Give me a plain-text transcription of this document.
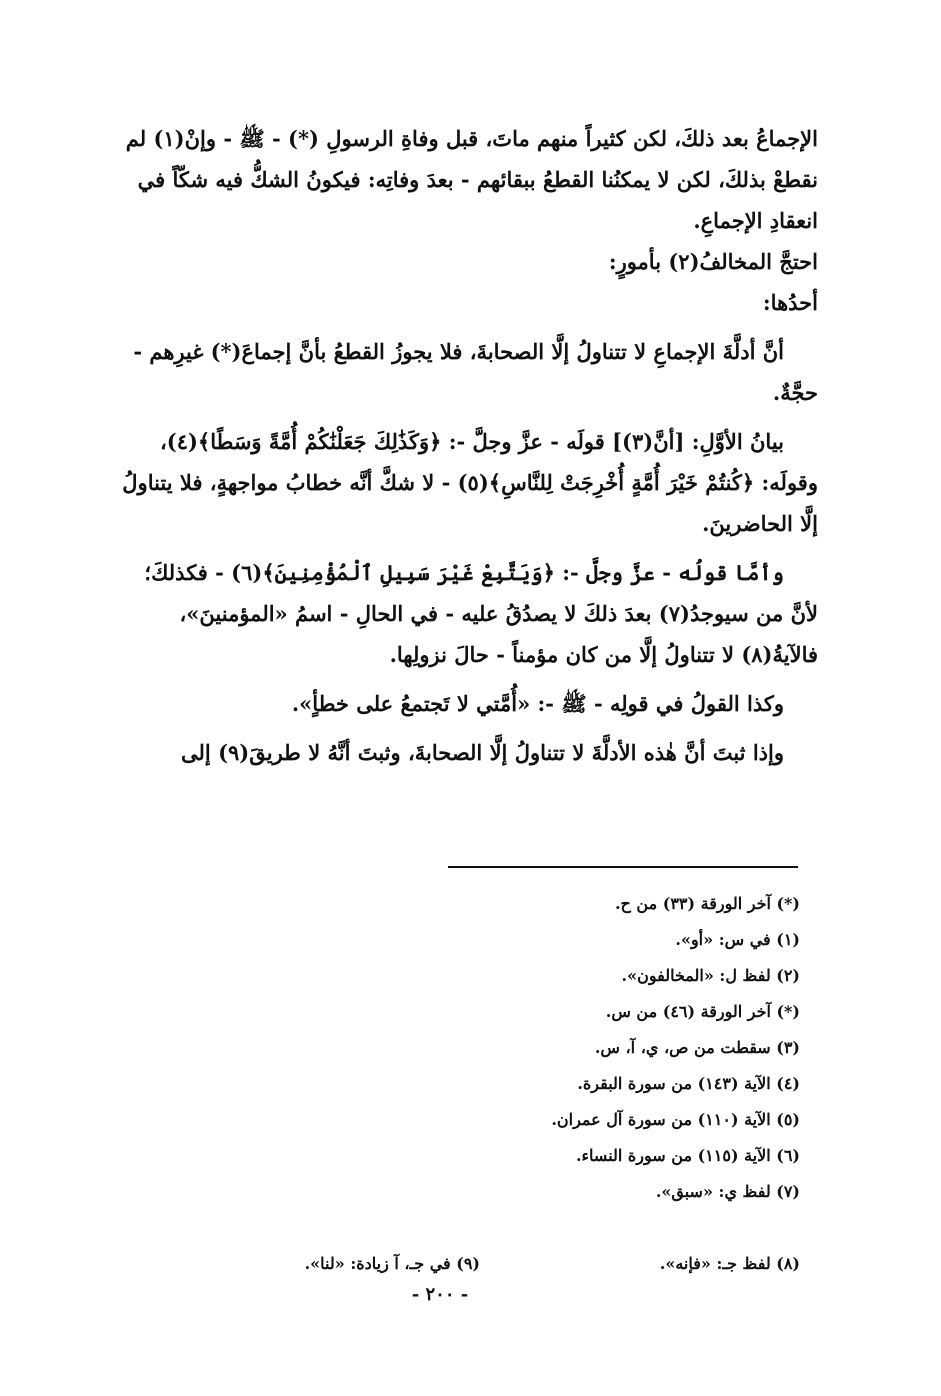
الإجماعُ بعد ذلكَ، لكن كثيراً منهم ماتَ، قبل وفاةِ الرسولِ (*) - ﷺ - وإنْ(١) لم نقطعْ بذلكَ، لكن لا يمكنُنا القطعُ ببقائهم - بعدَ وفاتِه: فيكونُ الشكُّ فيه شكّاً في انعقادِ الإجماعِ.

احتجَّ المخالفُ(٢) بأمورٍ:

أحدُها:

أنَّ أدلَّةَ الإجماعِ لا تتناولُ إلَّا الصحابةَ، فلا يجوزُ القطعُ بأنَّ إجماعَ(*) غيرِهم - حجَّةٌ.

بيانُ الأوَّلِ: [أنَّ(٣)] قولَه - عزَّ وجلَّ -: ﴿وَكَذَٰلِكَ جَعَلْنَٰكُمْ أُمَّةً وَسَطًا﴾(٤)، وقولَه: ﴿كُنتُمْ خَيْرَ أُمَّةٍ أُخْرِجَتْ لِلنَّاسِ﴾(٥) - لا شكَّ أنَّه خطابُ مواجهةٍ، فلا يتناولُ إلَّا الحاضرينَ.

وأمَّا قولُه - عزَّ وجلَّ -: ﴿وَيَتَّبِعْ غَيْرَ سَبِيلِ ٱلْمُؤْمِنِينَ﴾(٦) - فكذلكَ؛ لأنَّ من سيوجدُ(٧) بعدَ ذلكَ لا يصدُقُ عليه - في الحالِ - اسمُ «المؤمنينَ»، فالآيةُ(٨) لا تتناولُ إلَّا من كان مؤمناً - حالَ نزولِها.

وكذا القولُ في قولِه - ﷺ -: «أُمَّتي لا تَجتمعُ على خطأٍ».

وإذا ثبتَ أنَّ هٰذه الأدلَّةَ لا تتناولُ إلَّا الصحابةَ، وثبتَ أنَّهُ لا طريقَ(٩) إلى

(*) آخر الورقة (٣٣) من ح.
(١) في س: «أو».
(٢) لفظ ل: «المخالفون».
(*) آخر الورقة (٤٦) من س.
(٣) سقطت من ص، ي، آ، س.
(٤) الآية (١٤٣) من سورة البقرة.
(٥) الآية (١١٠) من سورة آل عمران.
(٦) الآية (١١٥) من سورة النساء.
(٧) لفظ ي: «سبق».
(٨) لفظ جـ: «فإنه».
(٩) في جـ، آ زيادة: «لنا».
- ٢٠٠ -
